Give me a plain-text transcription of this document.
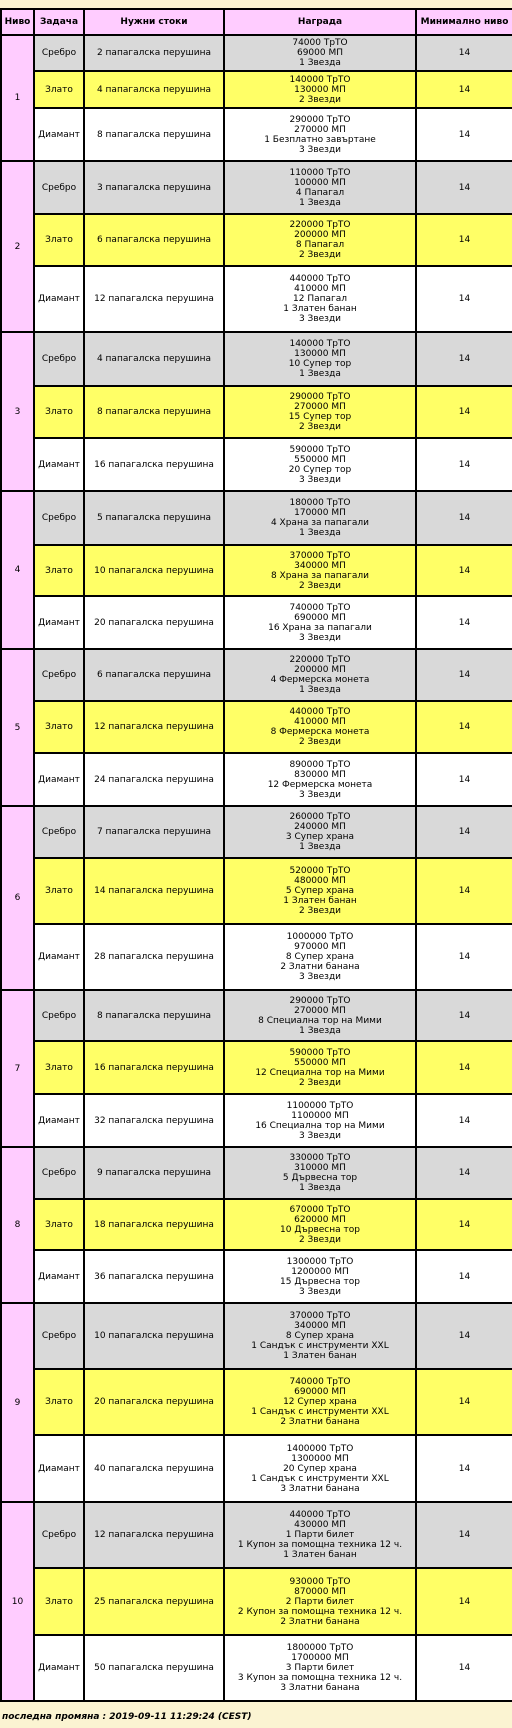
Ниво	Задача	Нужни стоки	Награда	Минимално ниво
1	Сребро	2 папагалска перушина	74000 ТрТО
69000 МП
1 Звезда	14
	Злато	4 папагалска перушина	140000 ТрТО
130000 МП
2 Звезди	14
	Диамант	8 папагалска перушина	290000 ТрТО
270000 МП
1 Безплатно завъртане
3 Звезди	14
2	Сребро	3 папагалска перушина	110000 ТрТО
100000 МП
4 Папагал
1 Звезда	14
	Злато	6 папагалска перушина	220000 ТрТО
200000 МП
8 Папагал
2 Звезди	14
	Диамант	12 папагалска перушина	440000 ТрТО
410000 МП
12 Папагал
1 Златен банан
3 Звезди	14
3	Сребро	4 папагалска перушина	140000 ТрТО
130000 МП
10 Супер тор
1 Звезда	14
	Злато	8 папагалска перушина	290000 ТрТО
270000 МП
15 Супер тор
2 Звезди	14
	Диамант	16 папагалска перушина	590000 ТрТО
550000 МП
20 Супер тор
3 Звезди	14
4	Сребро	5 папагалска перушина	180000 ТрТО
170000 МП
4 Храна за папагали
1 Звезда	14
	Злато	10 папагалска перушина	370000 ТрТО
340000 МП
8 Храна за папагали
2 Звезди	14
	Диамант	20 папагалска перушина	740000 ТрТО
690000 МП
16 Храна за папагали
3 Звезди	14
5	Сребро	6 папагалска перушина	220000 ТрТО
200000 МП
4 Фермерска монета
1 Звезда	14
	Злато	12 папагалска перушина	440000 ТрТО
410000 МП
8 Фермерска монета
2 Звезди	14
	Диамант	24 папагалска перушина	890000 ТрТО
830000 МП
12 Фермерска монета
3 Звезди	14
6	Сребро	7 папагалска перушина	260000 ТрТО
240000 МП
3 Супер храна
1 Звезда	14
	Злато	14 папагалска перушина	520000 ТрТО
480000 МП
5 Супер храна
1 Златен банан
2 Звезди	14
	Диамант	28 папагалска перушина	1000000 ТрТО
970000 МП
8 Супер храна
2 Златни банана
3 Звезди	14
7	Сребро	8 папагалска перушина	290000 ТрТО
270000 МП
8 Специална тор на Мими
1 Звезда	14
	Злато	16 папагалска перушина	590000 ТрТО
550000 МП
12 Специална тор на Мими
2 Звезди	14
	Диамант	32 папагалска перушина	1100000 ТрТО
1100000 МП
16 Специална тор на Мими
3 Звезди	14
8	Сребро	9 папагалска перушина	330000 ТрТО
310000 МП
5 Дървесна тор
1 Звезда	14
	Злато	18 папагалска перушина	670000 ТрТО
620000 МП
10 Дървесна тор
2 Звезди	14
	Диамант	36 папагалска перушина	1300000 ТрТО
1200000 МП
15 Дървесна тор
3 Звезди	14
9	Сребро	10 папагалска перушина	370000 ТрТО
340000 МП
8 Супер храна
1 Сандък с инструменти XXL
1 Златен банан	14
	Злато	20 папагалска перушина	740000 ТрТО
690000 МП
12 Супер храна
1 Сандък с инструменти XXL
2 Златни банана	14
	Диамант	40 папагалска перушина	1400000 ТрТО
1300000 МП
20 Супер храна
1 Сандък с инструменти XXL
3 Златни банана	14
10	Сребро	12 папагалска перушина	440000 ТрТО
430000 МП
1 Парти билет
1 Купон за помощна техника 12 ч.
1 Златен банан	14
	Злато	25 папагалска перушина	930000 ТрТО
870000 МП
2 Парти билет
2 Купон за помощна техника 12 ч.
2 Златни банана	14
	Диамант	50 папагалска перушина	1800000 ТрТО
1700000 МП
3 Парти билет
3 Купон за помощна техника 12 ч.
3 Златни банана	14
последна промяна : 2019-09-11 11:29:24 (CEST)
